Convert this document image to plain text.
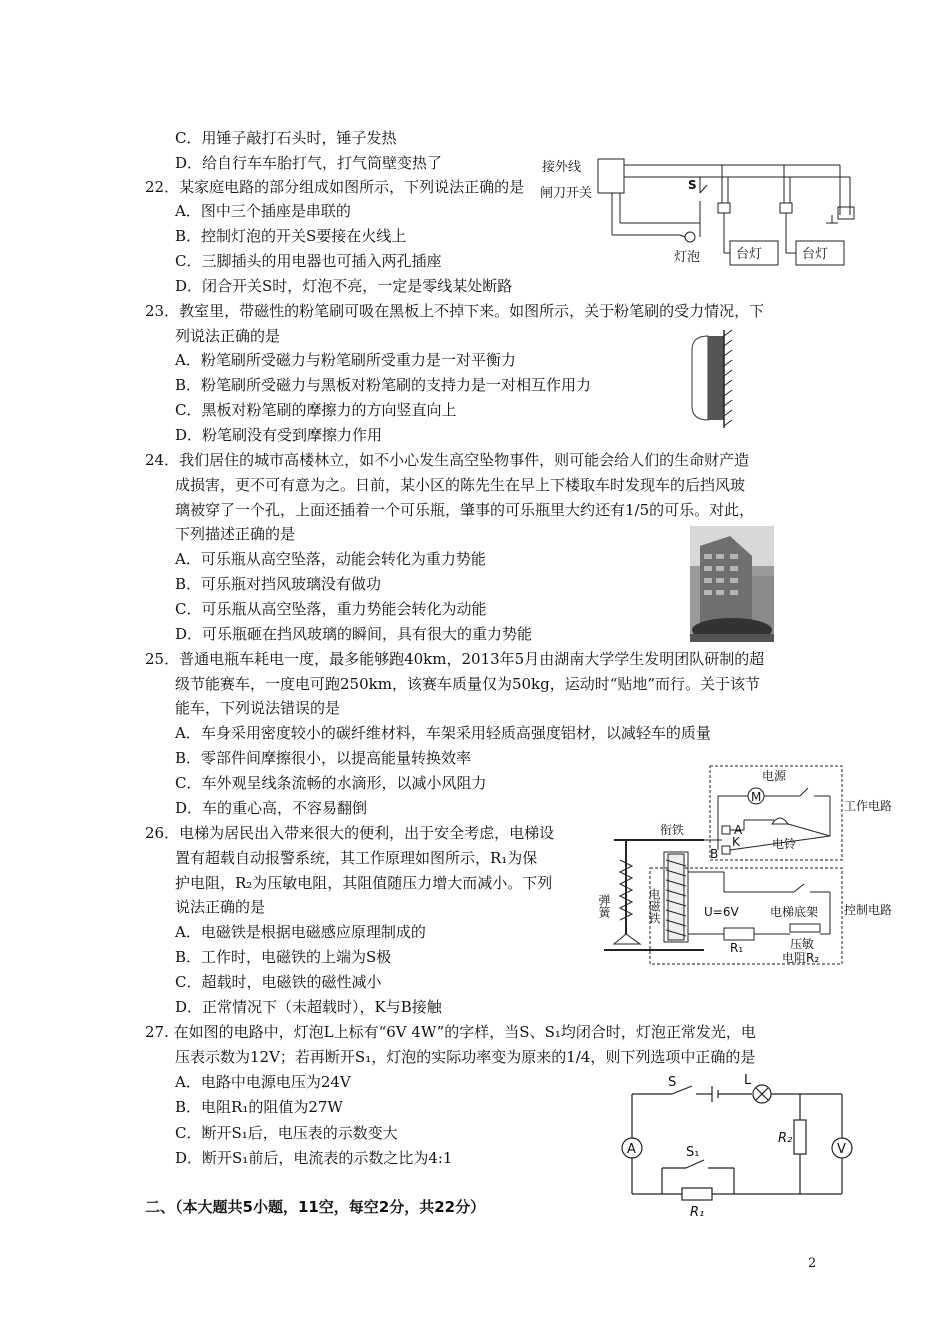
C．用锤子敲打石头时，锤子发热
D．给自行车车胎打气，打气筒壁变热了
22．某家庭电路的部分组成如图所示，下列说法正确的是
A．图中三个插座是串联的
B．控制灯泡的开关S要接在火线上
C．三脚插头的用电器也可插入两孔插座
D．闭合开关S时，灯泡不亮，一定是零线某处断路
23．教室里，带磁性的粉笔刷可吸在黑板上不掉下来。如图所示，关于粉笔刷的受力情况，下
列说法正确的是
A．粉笔刷所受磁力与粉笔刷所受重力是一对平衡力
B．粉笔刷所受磁力与黑板对粉笔刷的支持力是一对相互作用力
C．黑板对粉笔刷的摩擦力的方向竖直向上
D．粉笔刷没有受到摩擦力作用
24．我们居住的城市高楼林立，如不小心发生高空坠物事件，则可能会给人们的生命财产造
成损害，更不可有意为之。日前，某小区的陈先生在早上下楼取车时发现车的后挡风玻
璃被穿了一个孔，上面还插着一个可乐瓶，肇事的可乐瓶里大约还有1/5的可乐。对此，
下列描述正确的是
A．可乐瓶从高空坠落，动能会转化为重力势能
B．可乐瓶对挡风玻璃没有做功
C．可乐瓶从高空坠落，重力势能会转化为动能
D．可乐瓶砸在挡风玻璃的瞬间，具有很大的重力势能
25．普通电瓶车耗电一度，最多能够跑40km，2013年5月由湖南大学学生发明团队研制的超
级节能赛车，一度电可跑250km，该赛车质量仅为50kg，运动时“贴地”而行。关于该节
能车，下列说法错误的是
A．车身采用密度较小的碳纤维材料，车架采用轻质高强度铝材，以减轻车的质量
B．零部件间摩擦很小，以提高能量转换效率
C．车外观呈线条流畅的水滴形，以减小风阻力
D．车的重心高，不容易翻倒
26．电梯为居民出入带来很大的便利，出于安全考虑，电梯设
置有超载自动报警系统，其工作原理如图所示，R₁为保
护电阻，R₂为压敏电阻，其阻值随压力增大而减小。下列
说法正确的是
A．电磁铁是根据电磁感应原理制成的
B．工作时，电磁铁的上端为S极
C．超载时，电磁铁的磁性减小
D．正常情况下（未超载时），K与B接触
27. 在如图的电路中，灯泡L上标有“6V 4W”的字样，当S、S₁均闭合时，灯泡正常发光，电
压表示数为12V；若再断开S₁，灯泡的实际功率变为原来的1/4，则下列选项中正确的是
A．电路中电源电压为24V
B．电阻R₁的阻值为27W
C．断开S₁后，电压表的示数变大
D．断开S₁前后，电流表的示数之比为4:1
二、（本大题共5小题，11空，每空2分，共22分）
接外线
闸刀开关
S
灯泡	台灯	台灯
衔铁
弹簧	电磁铁
电源
工作电路
M
电铃
A
K
B
U=6V
R₁
电梯底架
压敏
电阻R₂
控制电路
S	L
R₂
V
A	S₁
R₁
2
